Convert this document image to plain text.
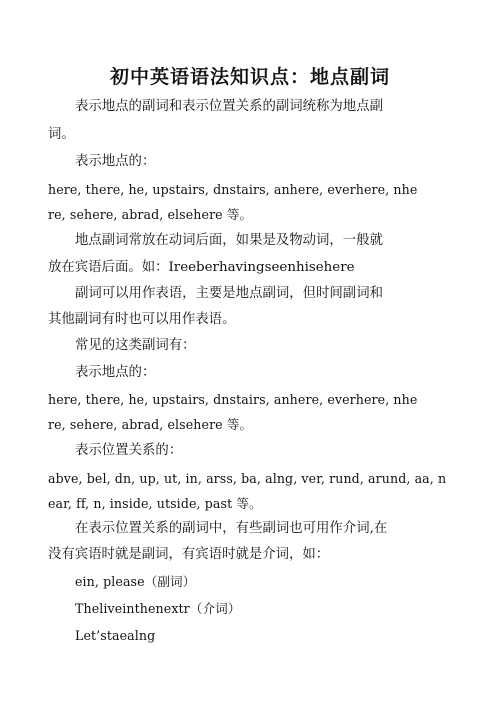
初中英语语法知识点：地点副词
表示地点的副词和表示位置关系的副词统称为地点副
词。
表示地点的：
here, there, he, upstairs, dnstairs, anhere, everhere, nhe
re, sehere, abrad, elsehere 等。
地点副词常放在动词后面，如果是及物动词，一般就
放在宾语后面。如：Ireeberhavingseenhisehere
副词可以用作表语，主要是地点副词，但时间副词和
其他副词有时也可以用作表语。
常见的这类副词有：
表示地点的：
here, there, he, upstairs, dnstairs, anhere, everhere, nhe
re, sehere, abrad, elsehere 等。
表示位置关系的：
abve, bel, dn, up, ut, in, arss, ba, alng, ver, rund, arund, aa, n
ear, ff, n, inside, utside, past 等。
在表示位置关系的副词中，有些副词也可用作介词,在
没有宾语时就是副词，有宾语时就是介词，如：
ein, please（副词）
Theliveinthenextr（介词）
Let’staealng
